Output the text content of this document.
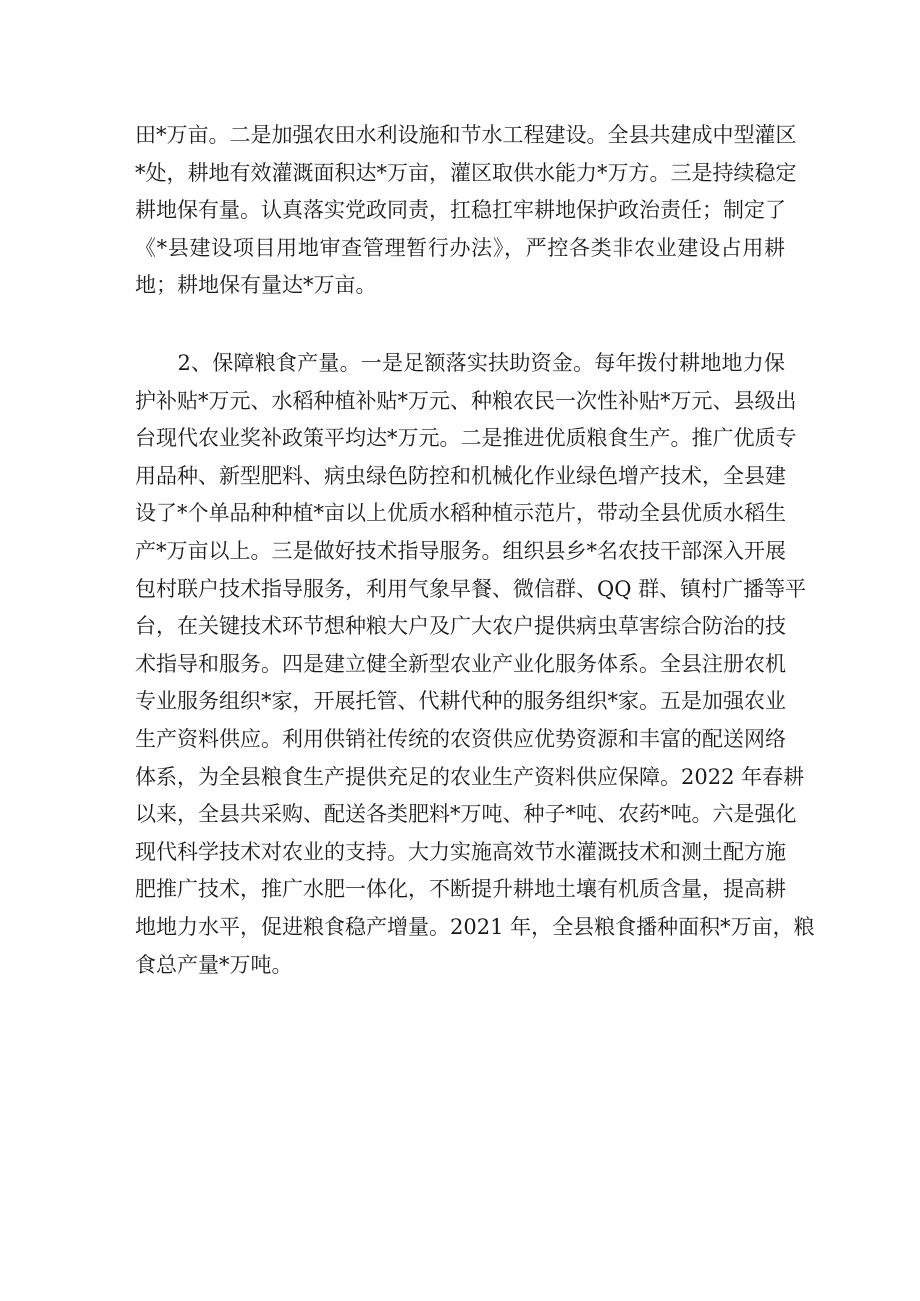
田*万亩。二是加强农田水利设施和节水工程建设。全县共建成中型灌区
*处，耕地有效灌溉面积达*万亩，灌区取供水能力*万方。三是持续稳定
耕地保有量。认真落实党政同责，扛稳扛牢耕地保护政治责任；制定了
《*县建设项目用地审查管理暂行办法》，严控各类非农业建设占用耕
地；耕地保有量达*万亩。
　　2、保障粮食产量。一是足额落实扶助资金。每年拨付耕地地力保
护补贴*万元、水稻种植补贴*万元、种粮农民一次性补贴*万元、县级出
台现代农业奖补政策平均达*万元。二是推进优质粮食生产。推广优质专
用品种、新型肥料、病虫绿色防控和机械化作业绿色增产技术，全县建
设了*个单品种种植*亩以上优质水稻种植示范片，带动全县优质水稻生
产*万亩以上。三是做好技术指导服务。组织县乡*名农技干部深入开展
包村联户技术指导服务，利用气象早餐、微信群、QQ 群、镇村广播等平
台，在关键技术环节想种粮大户及广大农户提供病虫草害综合防治的技
术指导和服务。四是建立健全新型农业产业化服务体系。全县注册农机
专业服务组织*家，开展托管、代耕代种的服务组织*家。五是加强农业
生产资料供应。利用供销社传统的农资供应优势资源和丰富的配送网络
体系，为全县粮食生产提供充足的农业生产资料供应保障。2022 年春耕
以来，全县共采购、配送各类肥料*万吨、种子*吨、农药*吨。六是强化
现代科学技术对农业的支持。大力实施高效节水灌溉技术和测土配方施
肥推广技术，推广水肥一体化，不断提升耕地土壤有机质含量，提高耕
地地力水平，促进粮食稳产增量。2021 年，全县粮食播种面积*万亩，粮
食总产量*万吨。
